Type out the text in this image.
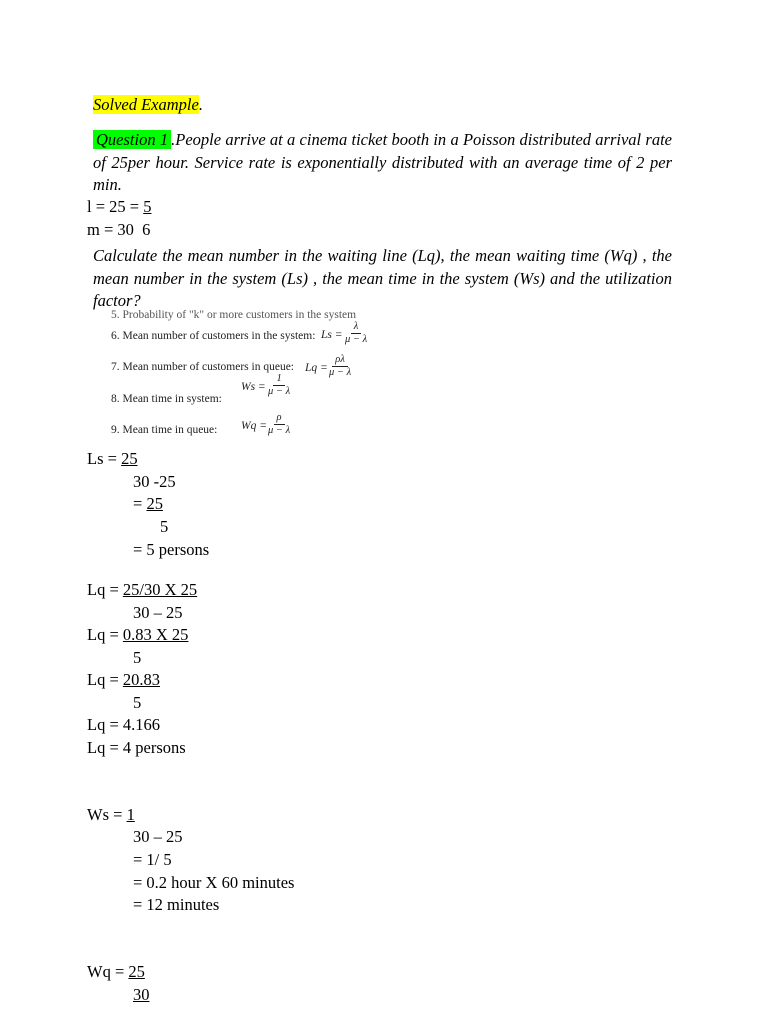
Solved Example.
Question 1 .People arrive at a cinema ticket booth in a Poisson distributed arrival rate of 25per hour. Service rate is exponentially distributed with an average time of 2 per min.
l = 25 = 5
m = 30  6
Calculate the mean number in the waiting line (Lq), the mean waiting time (Wq) , the mean number in the system (Ls) , the mean time in the system (Ws) and the utilization factor?
5. Probability of "k" or more customers in the system
6. Mean number of customers in the system: $Ls = \frac{\lambda}{\mu - \lambda}$
7. Mean number of customers in queue: $Lq = \frac{\rho\lambda}{\mu - \lambda}$
$Ws = \frac{1}{\mu - \lambda}$
8. Mean time in system:
9. Mean time in queue: $Wq = \frac{\rho}{\mu - \lambda}$
Ls = 25
30 -25
= 25
5
= 5 persons
Lq = 25/30 X 25
30 – 25
Lq = 0.83 X 25
5
Lq = 20.83
5
Lq = 4.166
Lq = 4 persons
Ws = 1
30 – 25
= 1/ 5
= 0.2 hour X 60 minutes
= 12 minutes
Wq = 25
30
